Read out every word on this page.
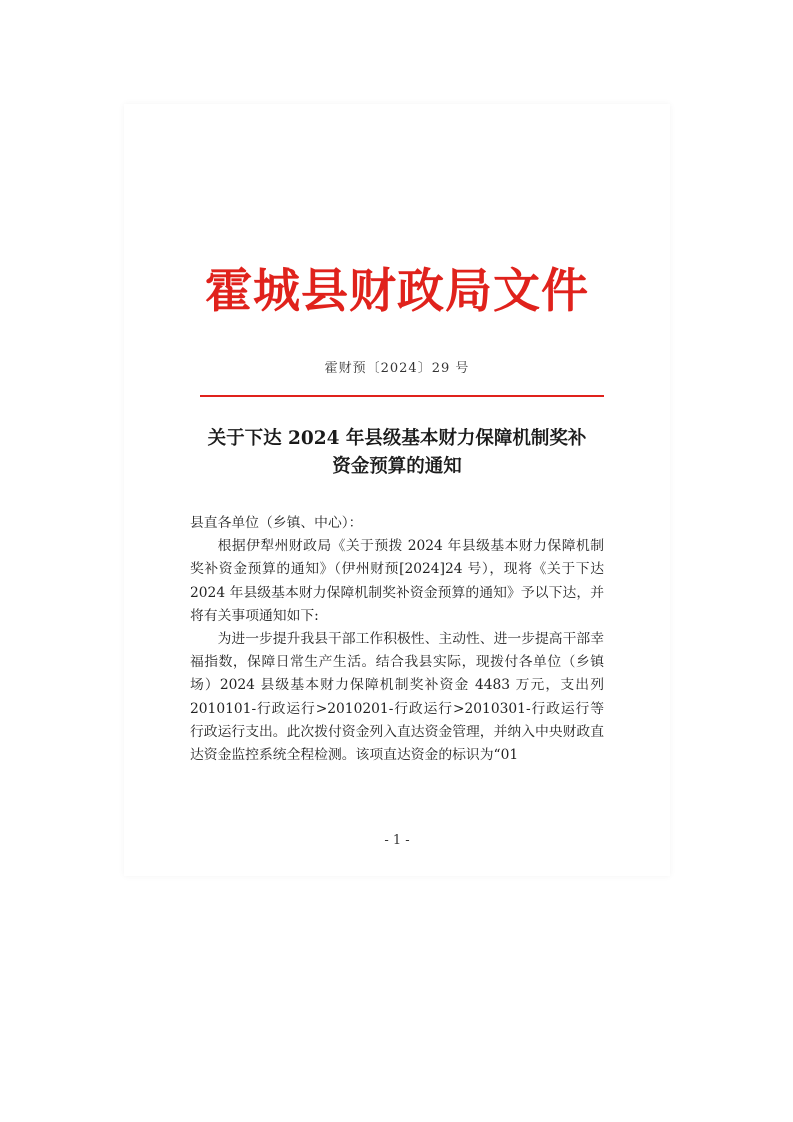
霍城县财政局文件
霍财预〔2024〕29 号
关于下达 2024 年县级基本财力保障机制奖补
资金预算的通知

县直各单位（乡镇、中心）：

根据伊犁州财政局《关于预拨 2024 年县级基本财力保障机制奖补资金预算的通知》（伊州财预[2024]24 号），现将《关于下达 2024 年县级基本财力保障机制奖补资金预算的通知》予以下达，并将有关事项通知如下:

为进一步提升我县干部工作积极性、主动性、进一步提高干部幸福指数，保障日常生产生活。结合我县实际，现拨付各单位（乡镇场）2024 县级基本财力保障机制奖补资金 4483 万元，支出列 2010101-行政运行>2010201-行政运行>2010301-行政运行等行政运行支出。此次拨付资金列入直达资金管理，并纳入中央财政直达资金监控系统全程检测。该项直达资金的标识为“01

- 1 -
